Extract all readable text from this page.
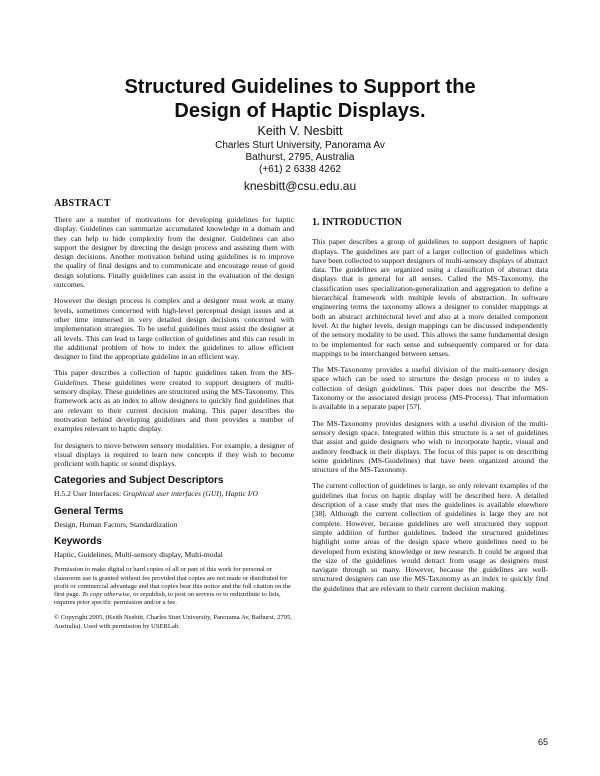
Structured Guidelines to Support the
Design of Haptic Displays.
Keith V. Nesbitt
Charles Sturt University, Panorama Av
Bathurst, 2795, Australia
(+61) 2 6338 4262
knesbitt@csu.edu.au
ABSTRACT

There are a number of motivations for developing guidelines for haptic display. Guidelines can summarize accumulated knowledge in a domain and they can help to hide complexity from the designer. Guidelines can also support the designer by directing the design process and assisting them with design decisions. Another motivation behind using guidelines is to improve the quality of final designs and to communicate and encourage reuse of good design solutions. Finally guidelines can assist in the evaluation of the design outcomes.

However the design process is complex and a designer must work at many levels, sometimes concerned with high-level perceptual design issues and at other time immersed in very detailed design decisions concerned with implementation strategies. To be useful guidelines must assist the designer at all levels. This can lead to large collection of guidelines and this can result in the additional problem of how to index the guidelines to allow efficient designer to find the appropriate guideline in an efficient way.

This paper describes a collection of haptic guidelines taken from the MS-Guidelines. These guidelines were created to support designers of multi-sensory display. These guidelines are structured using the MS-Taxonomy. This framework acts as an index to allow designers to quickly find guidelines that are relevant to their current decision making. This paper describes the motivation behind developing guidelines and then provides a number of examples relevant to haptic display.

for designers to move between sensory modalities. For example, a designer of visual displays is required to learn new concepts if they wish to become proficient with haptic or sound displays.

Categories and Subject Descriptors

H.5.2 User Interfaces: Graphical user interfaces (GUI), Haptic I/O

General Terms

Design, Human Factors, Standardization

Keywords

Haptic, Guidelines, Multi-sensory display, Multi-modal

Permission to make digital or hard copies of all or part of this work for personal or classroom use is granted without fee provided that copies are not made or distributed for profit or commercial advantage and that copies bear this notice and the full citation on the first page. To copy otherwise, or republish, to post on servers or to redistribute to lists, requires prior specific permission and/or a fee.

© Copyright 2005, (Keith Nesbitt, Charles Sturt University, Panorama Av, Bathurst, 2795, Australia). Used with permission by USERLab.

1. INTRODUCTION

This paper describes a group of guidelines to support designers of haptic displays. The guidelines are part of a larger collection of guidelines which have been collected to support designers of multi-sensory displays of abstract data. The guidelines are organized using a classification of abstract data displays that is general for all senses. Called the MS-Taxonomy, the classification uses specialization-generalization and aggregation to define a hierarchical framework with multiple levels of abstraction. In software engineering terms the taxonomy allows a designer to consider mappings at both an abstract architectural level and also at a more detailed component level. At the higher levels, design mappings can be discussed independently of the sensory modality to be used. This allows the same fundamental design to be implemented for each sense and subsequently compared or for data mappings to be interchanged between senses.

The MS-Taxonomy provides a useful division of the multi-sensory design space which can be used to structure the design process or to index a collection of design guidelines. This paper does not describe the MS-Taxonomy or the associated design process (MS-Process). That information is available in a separate paper [57].

The MS-Taxonomy provides designers with a useful division of the multi-sensory design space. Integrated within this structure is a set of guidelines that assist and guide designers who wish to incorporate haptic, visual and auditory feedback in their displays. The focus of this paper is on describing some guidelines (MS-Guidelines) that have been organized around the structure of the MS-Taxonomy.

The current collection of guidelines is large, so only relevant examples of the guidelines that focus on haptic display will be described here. A detailed description of a case study that uses the guidelines is available elsewhere [38]. Although the current collection of guidelines is large they are not complete. However, because guidelines are well structured they support simple addition of further guidelines. Indeed the structured guidelines highlight some areas of the design space where guidelines need to be developed from existing knowledge or new research. It could be argued that the size of the guidelines would detract from usage as designers must navigate through so many. However, because the guidelines are well-structured designers can use the MS-Taxonomy as an index to quickly find the guidelines that are relevant to their current decision making.

65
